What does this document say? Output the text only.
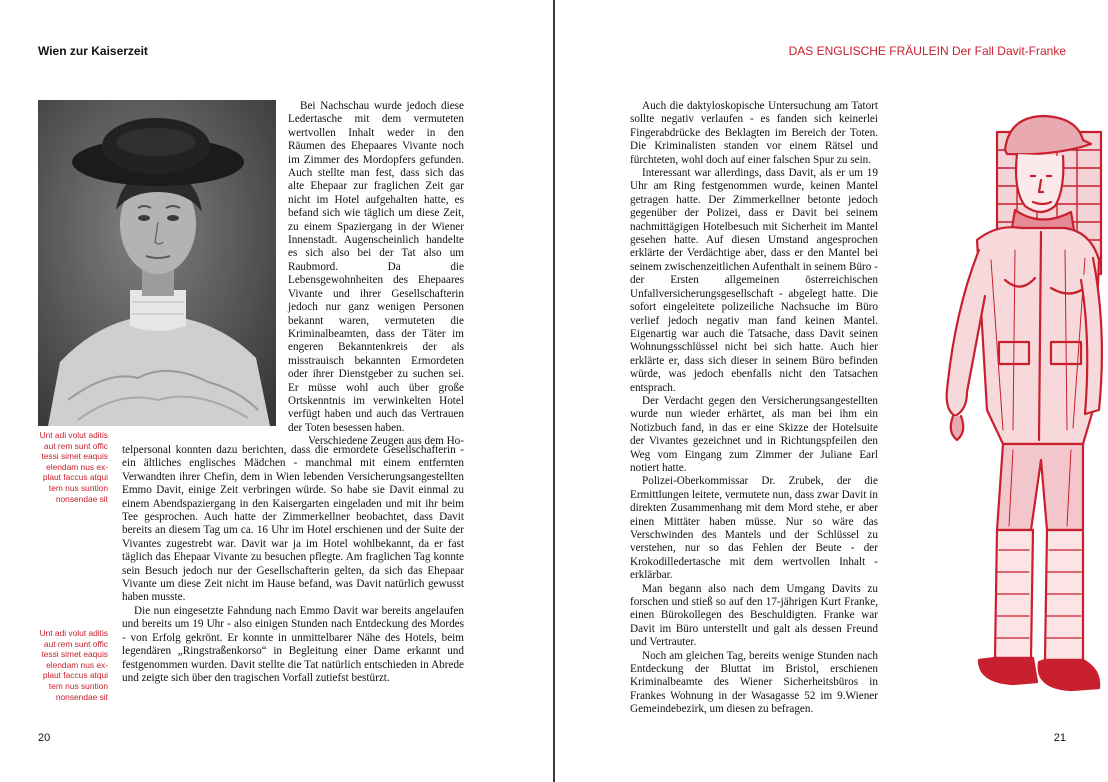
Wien zur Kaiserzeit
Unt adi volut aditis aut rem sunt offic tessi simet eaquis elendam nus ex-plaut faccus atqui tem nus suntion nonsendae sit
Unt adi volut aditis aut rem sunt offic tessi simet eaquis elendam nus ex-plaut faccus atqui tem nus suntion nonsendae sit

Bei Nachschau wurde jedoch diese Ledertasche mit dem vermuteten wertvollen Inhalt weder in den Räumen des Ehepaares Vivante noch im Zimmer des Mordopfers gefunden. Auch stellte man fest, dass sich das alte Ehepaar zur fraglichen Zeit gar nicht im Hotel aufgehalten hatte, es befand sich wie täglich um diese Zeit, zu einem Spaziergang in der Wiener Innenstadt. Augenscheinlich handelte es sich also bei der Tat also um Raubmord. Da die Lebensgewohnheiten des Ehepaares Vivante und ihrer Gesellschafterin jedoch nur ganz wenigen Personen bekannt waren, vermuteten die Kriminalbeamten, dass der Täter im engeren Bekanntenkreis der als misstrauisch bekannten Ermordeten oder ihrer Dienstgeber zu suchen sei. Er müsse wohl auch über große Ortskenntnis im verwinkelten Hotel verfügt haben und auch das Vertrauen der Toten besessen haben.

Verschiedene Zeugen aus dem Ho-

telpersonal konnten dazu berichten, dass die ermordete Gesellschafterin - ein ältliches englisches Mädchen - manchmal mit einem entfernten Verwandten ihrer Chefin, dem in Wien lebenden Versicherungsangestellten Emmo Davit, einige Zeit verbringen würde. So habe sie Davit einmal zu einem Abendspaziergang in den Kaisergarten eingeladen und mit ihr beim Tee gesprochen. Auch hatte der Zimmerkellner beobachtet, dass Davit bereits an diesem Tag um ca. 16 Uhr im Hotel erschienen und der Suite der Vivantes zugestrebt war. Davit war ja im Hotel wohlbekannt, da er fast täglich das Ehepaar Vivante zu besuchen pflegte. Am fraglichen Tag konnte sein Besuch jedoch nur der Gesellschafterin gelten, da sich das Ehepaar Vivante um diese Zeit nicht im Hause befand, was Davit natürlich gewusst haben musste.

Die nun eingesetzte Fahndung nach Emmo Davit war bereits angelaufen und bereits um 19 Uhr - also einigen Stunden nach Entdeckung des Mordes - von Erfolg gekrönt. Er konnte in unmittelbarer Nähe des Hotels, beim legendären „Ringstraßenkorso“ in Begleitung einer Dame erkannt und festgenommen wurden. Davit stellte die Tat natürlich entschieden in Abrede und zeigte sich über den tragischen Vorfall zutiefst bestürzt.

20
DAS ENGLISCHE FRÄULEIN Der Fall Davit-Franke

Auch die daktyloskopische Untersuchung am Tatort sollte negativ verlaufen - es fanden sich keinerlei Fingerabdrücke des Beklagten im Bereich der Toten. Die Kriminalisten standen vor einem Rätsel und fürchteten, wohl doch auf einer falschen Spur zu sein.

Interessant war allerdings, dass Davit, als er um 19 Uhr am Ring festgenommen wurde, keinen Mantel getragen hatte. Der Zimmerkellner betonte jedoch gegenüber der Polizei, dass er Davit bei seinem nachmittägigen Hotelbesuch mit Sicherheit im Mantel gesehen hatte. Auf diesen Umstand angesprochen erklärte der Verdächtige aber, dass er den Mantel bei seinem zwischenzeitlichen Aufenthalt in seinem Büro - der Ersten allgemeinen österreichischen Unfallversicherungsgesellschaft - abgelegt hatte. Die sofort eingeleitete polizeiliche Nachsuche im Büro verlief jedoch negativ man fand keinen Mantel. Eigenartig war auch die Tatsache, dass Davit seinen Wohnungsschlüssel nicht bei sich hatte. Auch hier erklärte er, dass sich dieser in seinem Büro befinden würde, was jedoch ebenfalls nicht den Tatsachen entsprach.

Der Verdacht gegen den Versicherungsangestellten wurde nun wieder erhärtet, als man bei ihm ein Notizbuch fand, in das er eine Skizze der Hotelsuite der Vivantes gezeichnet und in Richtungspfeilen den Weg vom Eingang zum Zimmer der Juliane Earl notiert hatte.

Polizei-Oberkommissar Dr. Zrubek, der die Ermittlungen leitete, vermutete nun, dass zwar Davit in direkten Zusammenhang mit dem Mord stehe, er aber einen Mittäter haben müsse. Nur so wäre das Verschwinden des Mantels und der Schlüssel zu verstehen, nur so das Fehlen der Beute - der Krokodilledertasche mit dem wertvollen Inhalt - erklärbar.

Man begann also nach dem Umgang Davits zu forschen und stieß so auf den 17-jährigen Kurt Franke, einen Bürokollegen des Beschuldigten. Franke war Davit im Büro unterstellt und galt als dessen Freund und Vertrauter.

Noch am gleichen Tag, bereits wenige Stunden nach Entdeckung der Bluttat im Bristol, erschienen Kriminalbeamte des Wiener Sicherheitsbüros in Frankes Wohnung in der Wasagasse 52 im 9.Wiener Gemeindebezirk, um diesen zu befragen.

21
